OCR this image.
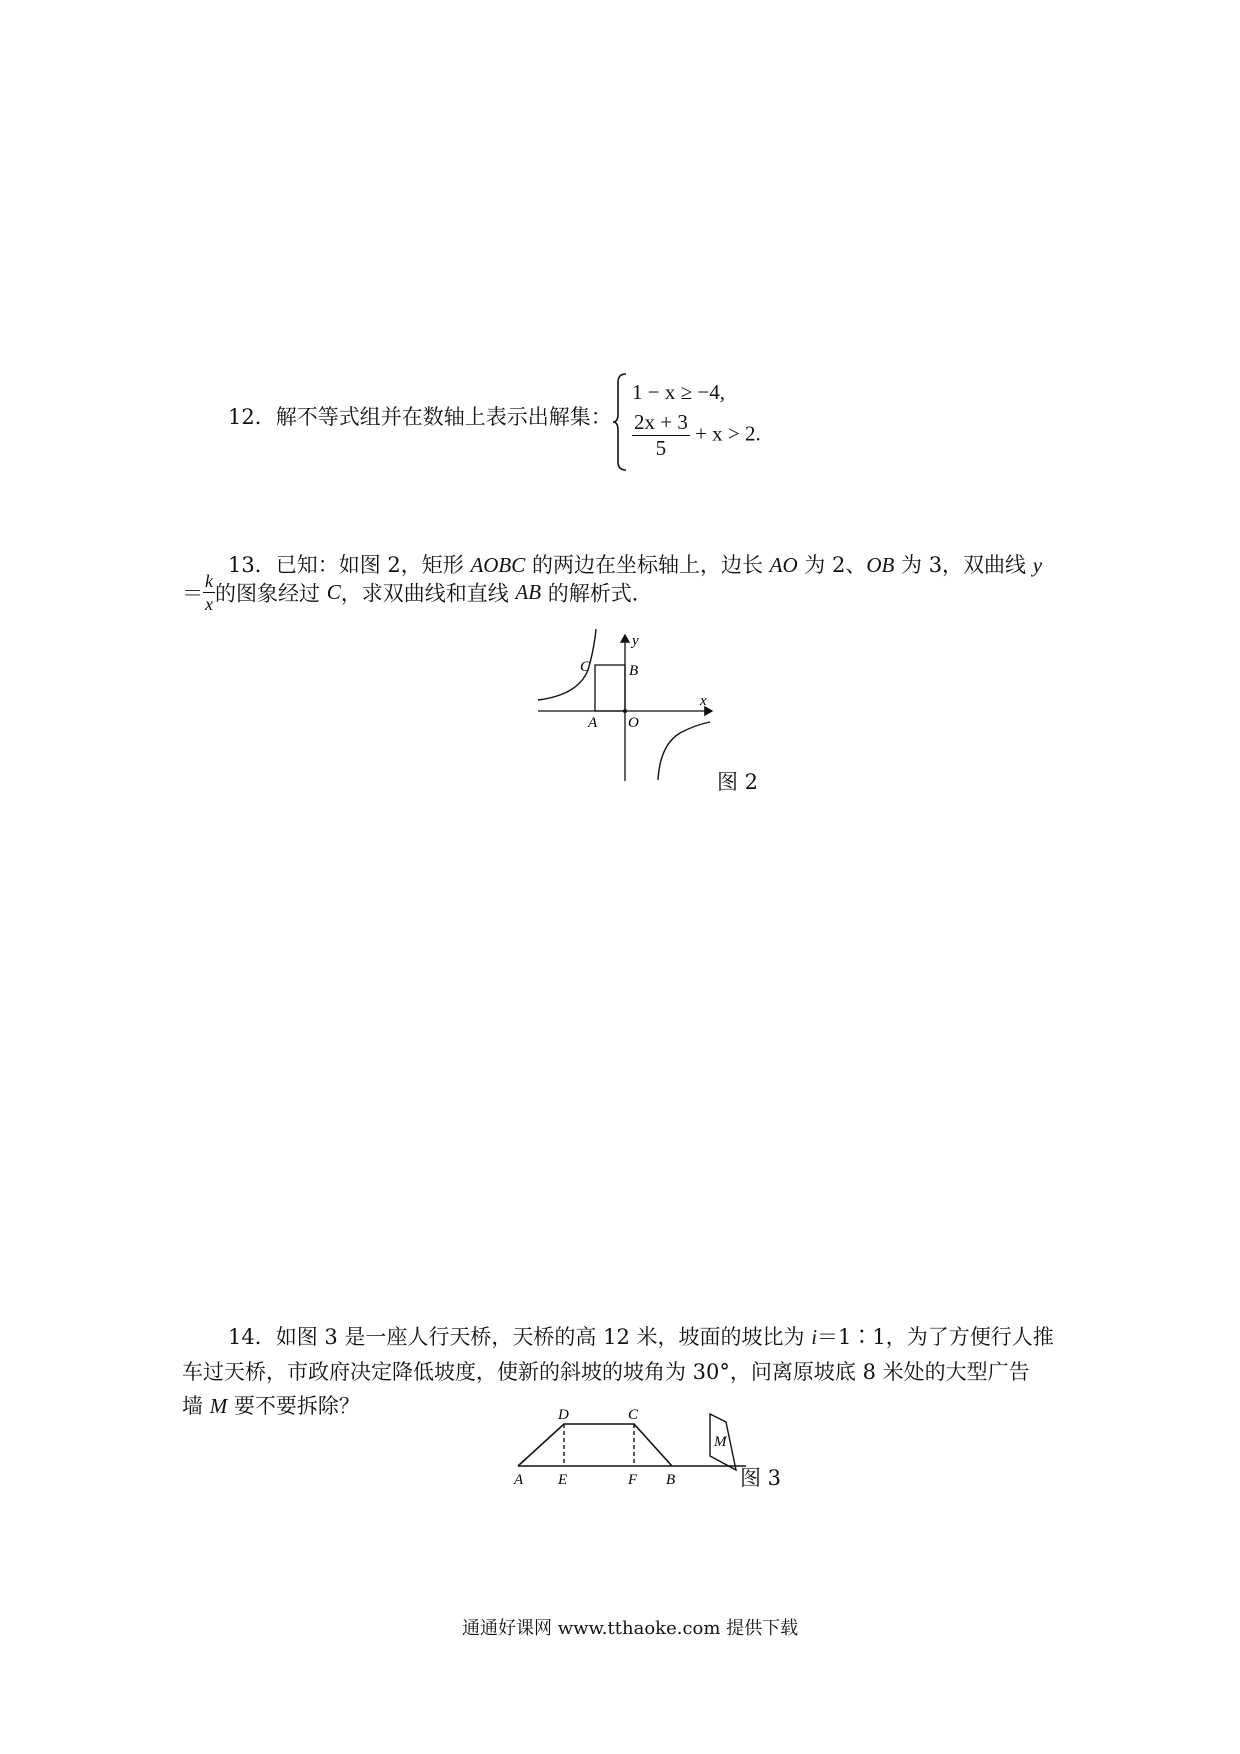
12．解不等式组并在数轴上表示出解集：
1 − x ≥ −4,
$\frac{2x + 3}{5} + x > 2$.
13．已知：如图 2，矩形 AOBC 的两边在坐标轴上，边长 AO 为 2、OB 为 3，双曲线 y
＝ $\frac{k}{x}$ 的图象经过 C，求双曲线和直线 AB 的解析式．
y
x
C	B
A O
图 2
14．如图 3 是一座人行天桥，天桥的高 12 米，坡面的坡比为 i＝1∶1，为了方便行人推
车过天桥，市政府决定降低坡度，使新的斜坡的坡角为 30°，问离原坡底 8 米处的大型广告
墙 M 要不要拆除？	D	C
M
A E	F B	图 3
通通好课网 www.tthaoke.com 提供下载
